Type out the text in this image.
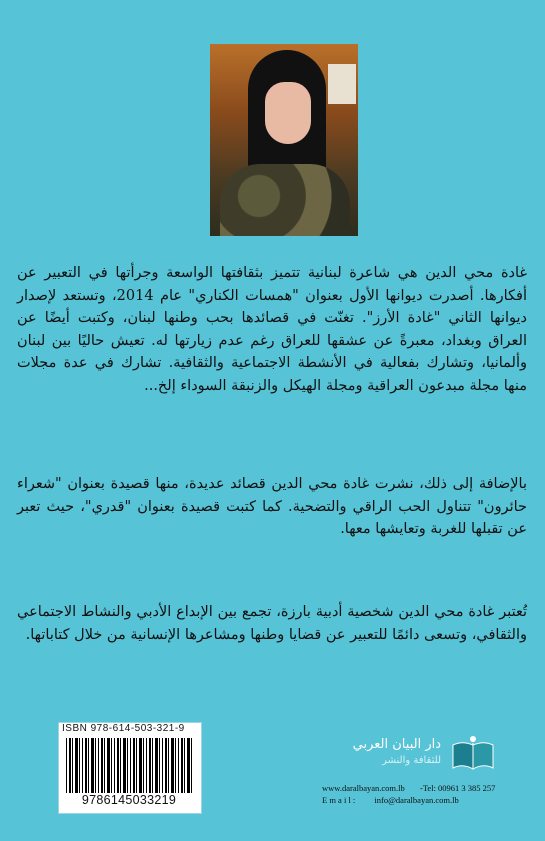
غادة محي الدين هي شاعرة لبنانية تتميز بثقافتها الواسعة وجرأتها في التعبير عن أفكارها. أصدرت ديوانها الأول بعنوان "همسات الكناري" عام 2014، وتستعد لإصدار ديوانها الثاني "غادة الأرز". تغنّت في قصائدها بحب وطنها لبنان، وكتبت أيضًا عن العراق وبغداد، معبرةً عن عشقها للعراق رغم عدم زيارتها له. تعيش حاليًا بين لبنان وألمانيا، وتشارك بفعالية في الأنشطة الاجتماعية والثقافية. تشارك في عدة مجلات منها مجلة مبدعون العراقية ومجلة الهيكل والزنبقة السوداء إلخ...

بالإضافة إلى ذلك، نشرت غادة محي الدين قصائد عديدة، منها قصيدة بعنوان "شعراء حائرون" تتناول الحب الراقي والتضحية. كما كتبت قصيدة بعنوان "قدري"، حيث تعبر عن تقبلها للغربة وتعايشها معها.

تُعتبر غادة محي الدين شخصية أدبية بارزة، تجمع بين الإبداع الأدبي والنشاط الاجتماعي والثقافي، وتسعى دائمًا للتعبير عن قضايا وطنها ومشاعرها الإنسانية من خلال كتاباتها.

ISBN 978-614-503-321-9
9786145033219
دار البيان العربي
للثقافة والنشر
www.daralbayan.com.lb -Tel: 00961 3 385 257
E m a i l :         info@daralbayan.com.lb
